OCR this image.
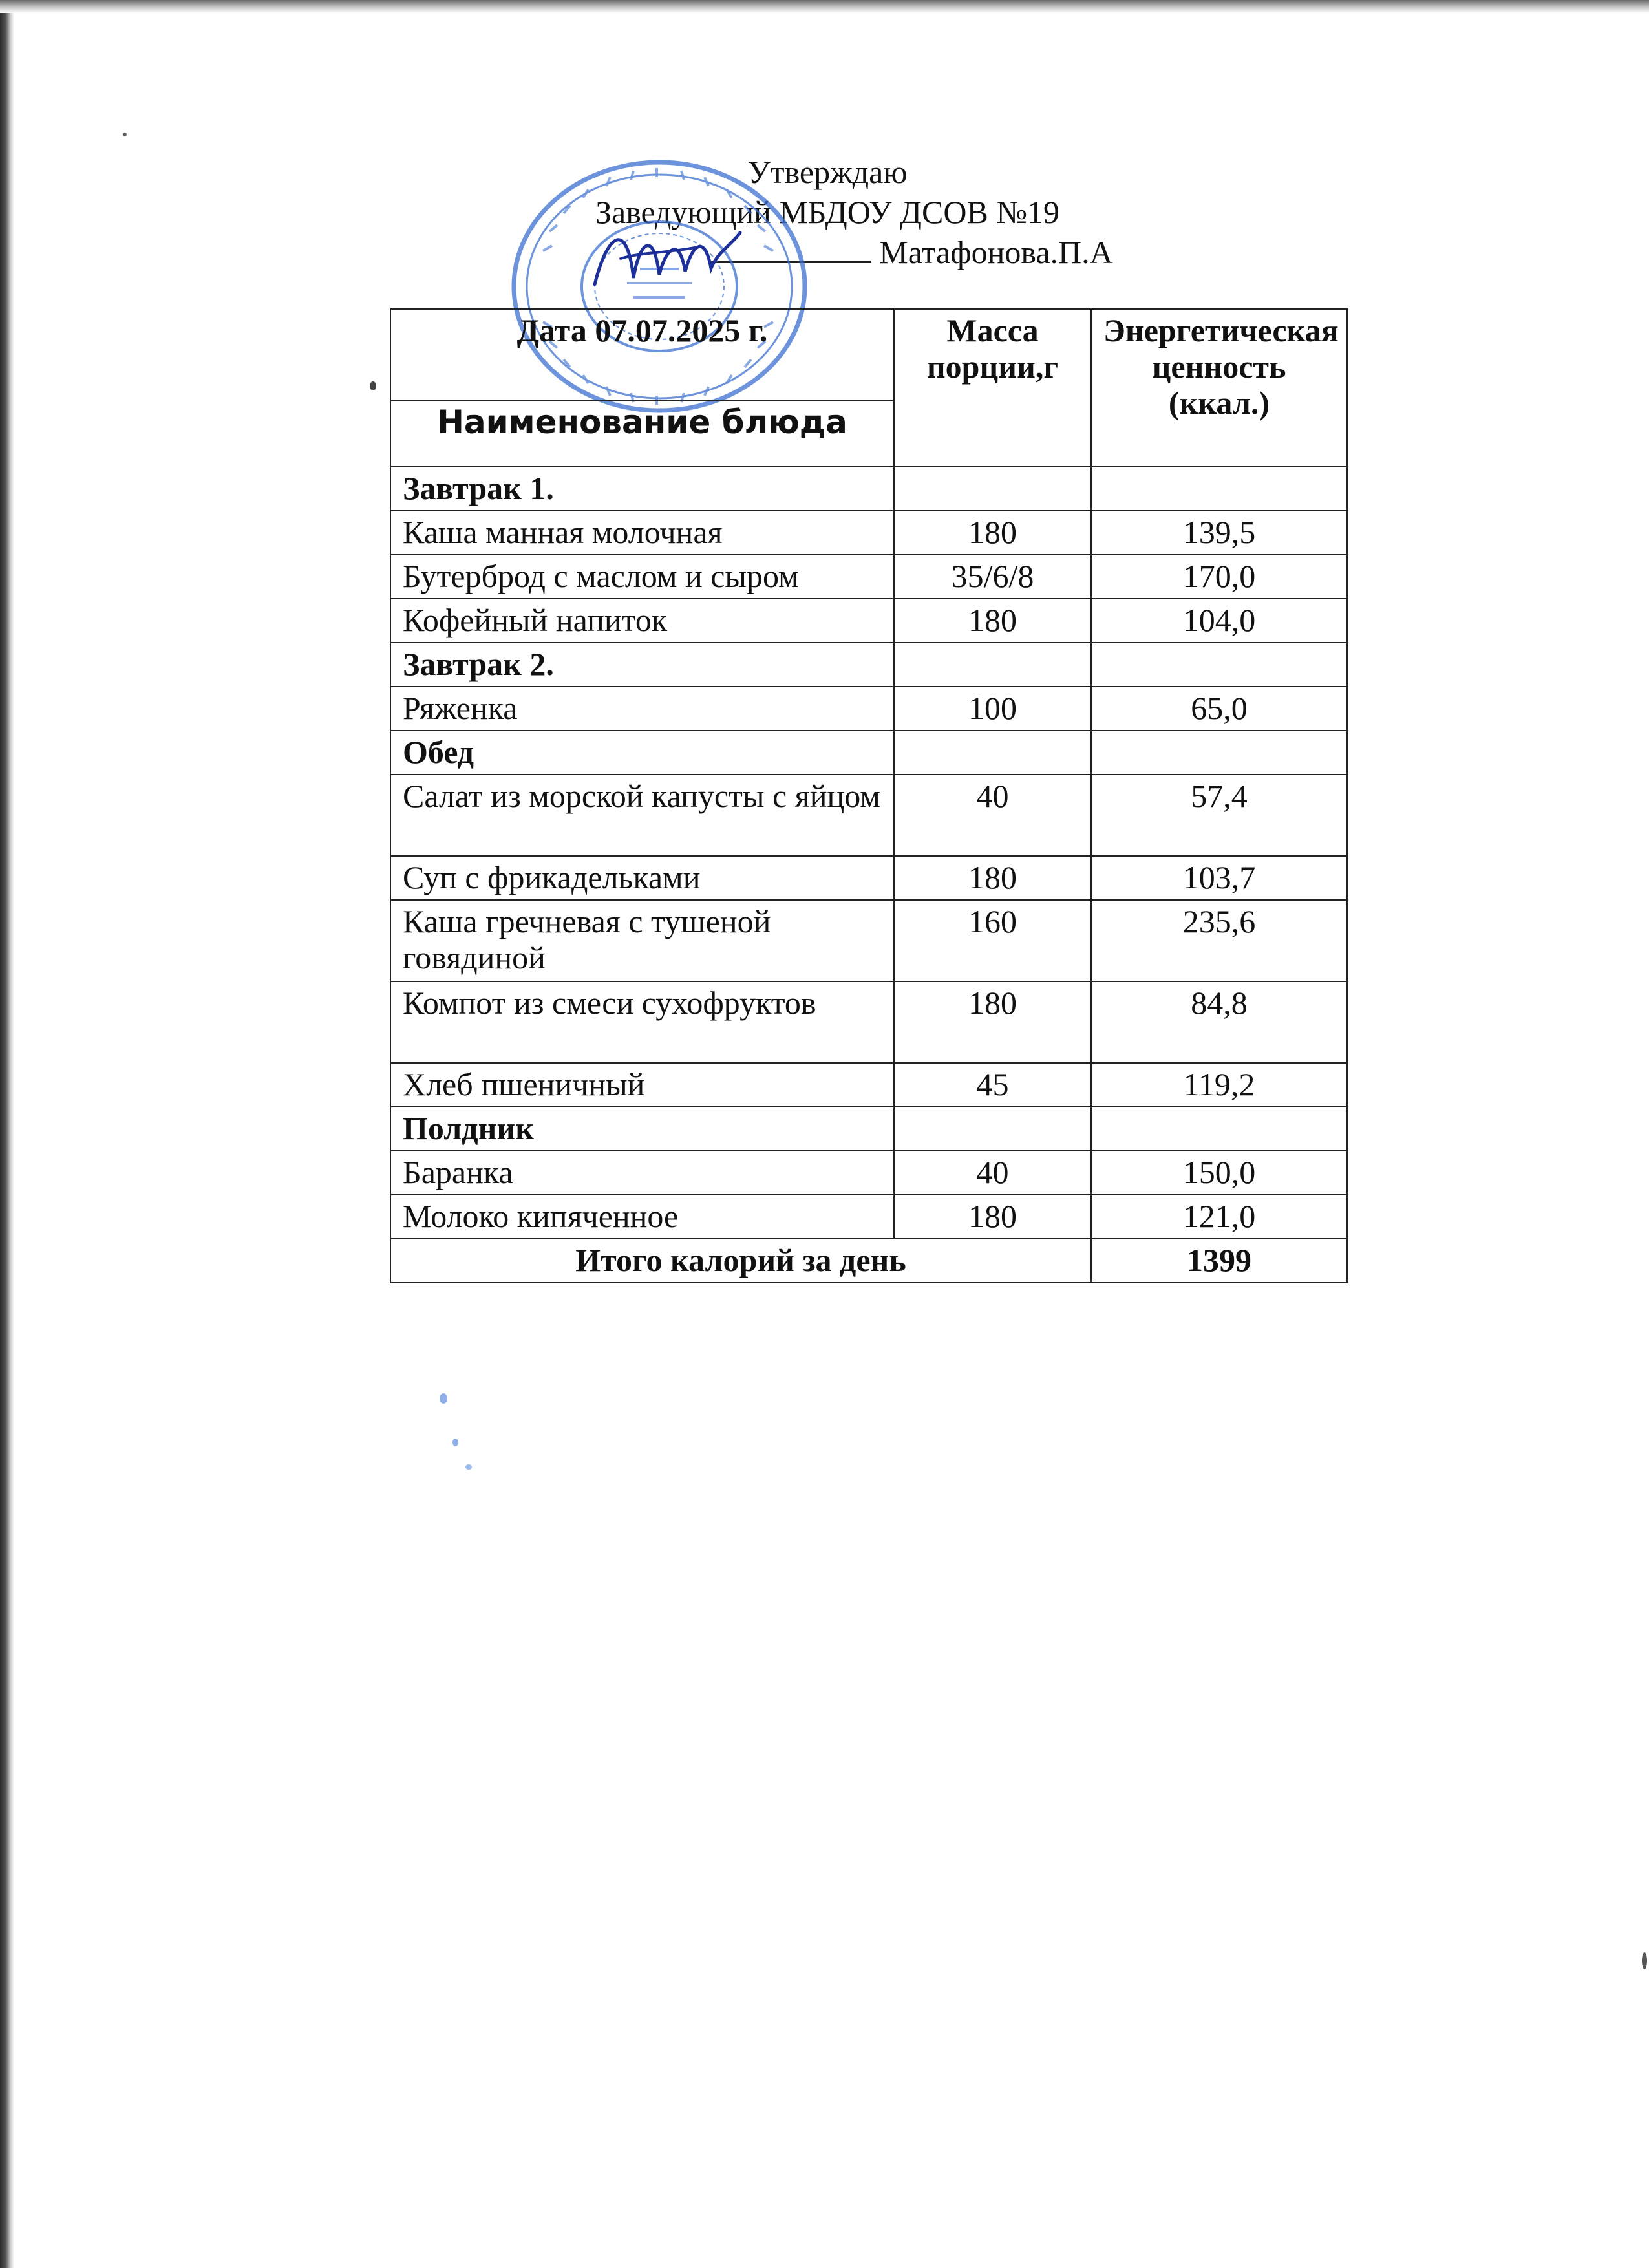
Утверждаю
Заведующий МБДОУ ДСОВ №19
Матафонова.П.А
Дата 07.07.2025 г.	Масса порции,г	Энергетическая ценность (ккал.)
Наименование блюда		
Завтрак 1.		
Каша манная молочная	180	139,5
Бутерброд с маслом и сыром	35/6/8	170,0
Кофейный напиток	180	104,0
Завтрак 2.		
Ряженка	100	65,0
Обед		
Салат из морской капусты с яйцом	40	57,4
Суп с фрикадельками	180	103,7
Каша гречневая с тушеной говядиной	160	235,6
Компот из смеси сухофруктов	180	84,8
Хлеб пшеничный	45	119,2
Полдник		
Баранка	40	150,0
Молоко кипяченное	180	121,0
Итого калорий за день		1399
